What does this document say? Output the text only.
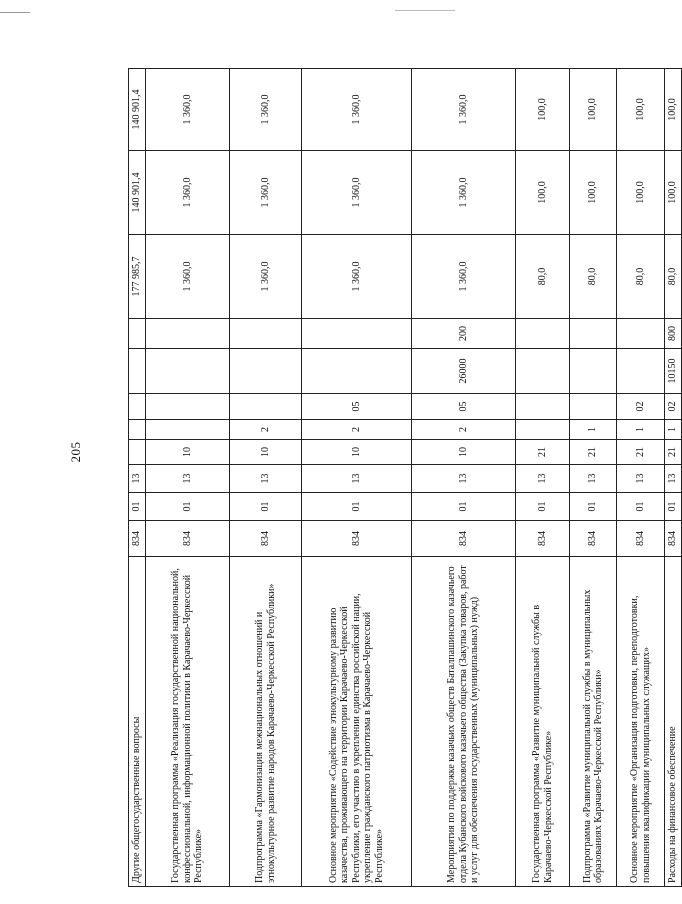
205
Другие общегосударственные вопросы	834	01	13						177 985,7	140 901,4	140 901,4
Государственная программа «Реализация государственной национальной, конфессиональной, информационной политики в Карачаево-Черкесской Республике»	834	01	13	10					1 360,0	1 360,0	1 360,0
Подпрограмма «Гармонизация межнациональных отношений и этнокультурное развитие народов Карачаево-Черкесской Республики»	834	01	13	10	2				1 360,0	1 360,0	1 360,0
Основное мероприятие «Содействие этнокультурному развитию казачества, проживающего на территории Карачаево-Черкесской Республики, его участию в укреплении единства российской нации, укрепление гражданского патриотизма в Карачаево-Черкесской Республике»	834	01	13	10	2	05			1 360,0	1 360,0	1 360,0
Мероприятия по поддержке казачьих обществ Баталпашинского казачьего отдела Кубанского войскового казачьего общества (Закупка товаров, работ и услуг для обеспечения государственных (муниципальных) нужд)	834	01	13	10	2	05	26000	200	1 360,0	1 360,0	1 360,0
Государственная программа «Развитие муниципальной службы в Карачаево-Черкесской Республике»	834	01	13	21					80,0	100,0	100,0
Подпрограмма «Развитие муниципальной службы в муниципальных образованиях Карачаево-Черкесской Республики»	834	01	13	21	1				80,0	100,0	100,0
Основное мероприятие «Организация подготовки, переподготовки, повышения квалификации муниципальных служащих»	834	01	13	21	1	02			80,0	100,0	100,0
Расходы на финансовое обеспечение	834	01	13	21	1	02	10150	800	80,0	100,0	100,0
